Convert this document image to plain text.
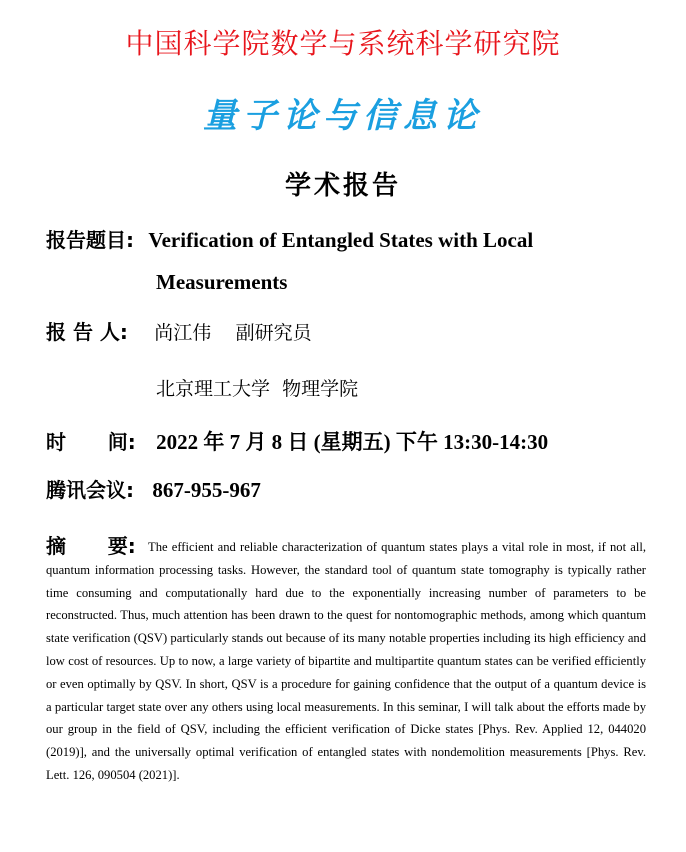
中国科学院数学与系统科学研究院
量子论与信息论
学术报告
报告题目: Verification of Entangled States with Local
Measurements
报 告 人: 尚江伟 副研究员
北京理工大学  物理学院
时      间: 2022 年 7 月 8 日 (星期五) 下午 13:30-14:30
腾讯会议: 867-955-967
摘      要: The efficient and reliable characterization of quantum states plays a vital role in most, if not all, quantum information processing tasks. However, the standard tool of quantum state tomography is typically rather time consuming and computationally hard due to the exponentially increasing number of parameters to be reconstructed. Thus, much attention has been drawn to the quest for nontomographic methods, among which quantum state verification (QSV) particularly stands out because of its many notable properties including its high efficiency and low cost of resources. Up to now, a large variety of bipartite and multipartite quantum states can be verified efficiently or even optimally by QSV. In short, QSV is a procedure for gaining confidence that the output of a quantum device is a particular target state over any others using local measurements. In this seminar, I will talk about the efforts made by our group in the field of QSV, including the efficient verification of Dicke states [Phys. Rev. Applied 12, 044020 (2019)], and the universally optimal verification of entangled states with nondemolition measurements [Phys. Rev. Lett. 126, 090504 (2021)].
